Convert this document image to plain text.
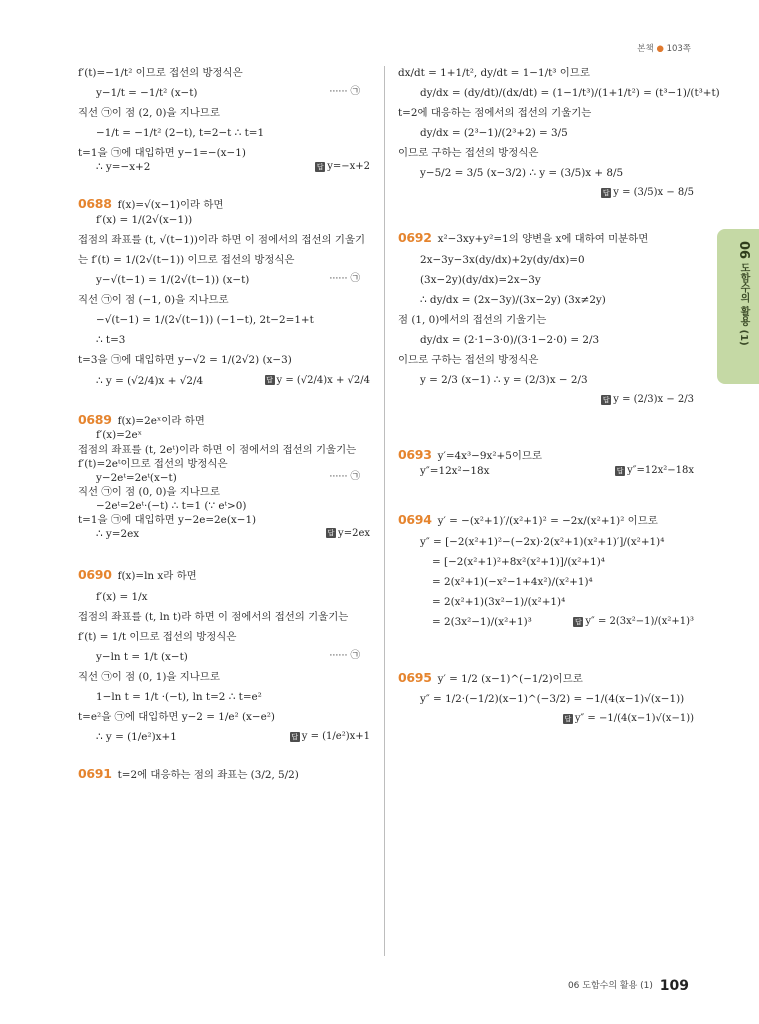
본책 ● 103쪽
f′(t)=−1/t² 이므로 접선의 방정식은
y−1/t = −1/t² (x−t)	······ ㉠
직선 ㉠이 점 (2, 0)을 지나므로
−1/t = −1/t² (2−t), t=2−t ∴ t=1
t=1을 ㉠에 대입하면 y−1=−(x−1)
∴ y=−x+2	답 y=−x+2
0688 f(x)=√(x−1)이라 하면
f′(x) = 1/(2√(x−1))
접점의 좌표를 (t, √(t−1))이라 하면 이 점에서의 접선의 기울기
는 f′(t) = 1/(2√(t−1)) 이므로 접선의 방정식은
y−√(t−1) = 1/(2√(t−1)) (x−t)	······ ㉠
직선 ㉠이 점 (−1, 0)을 지나므로
−√(t−1) = 1/(2√(t−1)) (−1−t), 2t−2=1+t
∴ t=3
t=3을 ㉠에 대입하면 y−√2 = 1/(2√2) (x−3)
∴ y = (√2/4)x + √2/4	답 y = (√2/4)x + √2/4
0689 f(x)=2eˣ이라 하면
f′(x)=2eˣ
접점의 좌표를 (t, 2eᵗ)이라 하면 이 점에서의 접선의 기울기는
f′(t)=2eᵗ이므로 접선의 방정식은
y−2eᵗ=2eᵗ(x−t)	······ ㉠
직선 ㉠이 점 (0, 0)을 지나므로
−2eᵗ=2eᵗ·(−t) ∴ t=1 (∵ eᵗ>0)
t=1을 ㉠에 대입하면 y−2e=2e(x−1)
∴ y=2ex	답 y=2ex
0690 f(x)=ln x라 하면
f′(x) = 1/x
접점의 좌표를 (t, ln t)라 하면 이 점에서의 접선의 기울기는
f′(t) = 1/t 이므로 접선의 방정식은
y−ln t = 1/t (x−t)	······ ㉠
직선 ㉠이 점 (0, 1)을 지나므로
1−ln t = 1/t ·(−t), ln t=2 ∴ t=e²
t=e²을 ㉠에 대입하면 y−2 = 1/e² (x−e²)
∴ y = (1/e²)x+1	답 y = (1/e²)x+1
0691 t=2에 대응하는 점의 좌표는 (3/2, 5/2)
dx/dt = 1+1/t², dy/dt = 1−1/t³ 이므로
dy/dx = (dy/dt)/(dx/dt) = (1−1/t³)/(1+1/t²) = (t³−1)/(t³+t)
t=2에 대응하는 점에서의 접선의 기울기는
dy/dx = (2³−1)/(2³+2) = 3/5
이므로 구하는 접선의 방정식은
y−5/2 = 3/5 (x−3/2) ∴ y = (3/5)x + 8/5
답 y = (3/5)x − 8/5
0692 x²−3xy+y²=1의 양변을 x에 대하여 미분하면
2x−3y−3x(dy/dx)+2y(dy/dx)=0
(3x−2y)(dy/dx)=2x−3y
∴ dy/dx = (2x−3y)/(3x−2y) (3x≠2y)
점 (1, 0)에서의 접선의 기울기는
dy/dx = (2·1−3·0)/(3·1−2·0) = 2/3
이므로 구하는 접선의 방정식은
y = 2/3 (x−1) ∴ y = (2/3)x − 2/3
답 y = (2/3)x − 2/3
0693 y′=4x³−9x²+5이므로
y″=12x²−18x	답 y″=12x²−18x
0694 y′ = −(x²+1)′/(x²+1)² = −2x/(x²+1)² 이므로
y″ = [−2(x²+1)²−(−2x)·2(x²+1)(x²+1)′]/(x²+1)⁴
= [−2(x²+1)²+8x²(x²+1)]/(x²+1)⁴
= 2(x²+1)(−x²−1+4x²)/(x²+1)⁴
= 2(x²+1)(3x²−1)/(x²+1)⁴
= 2(3x²−1)/(x²+1)³	답 y″ = 2(3x²−1)/(x²+1)³
0695 y′ = 1/2 (x−1)^(−1/2)이므로
y″ = 1/2·(−1/2)(x−1)^(−3/2) = −1/(4(x−1)√(x−1))
답 y″ = −1/(4(x−1)√(x−1))
06 도함수의 활용 (1)
06 도함수의 활용 (1) 109
